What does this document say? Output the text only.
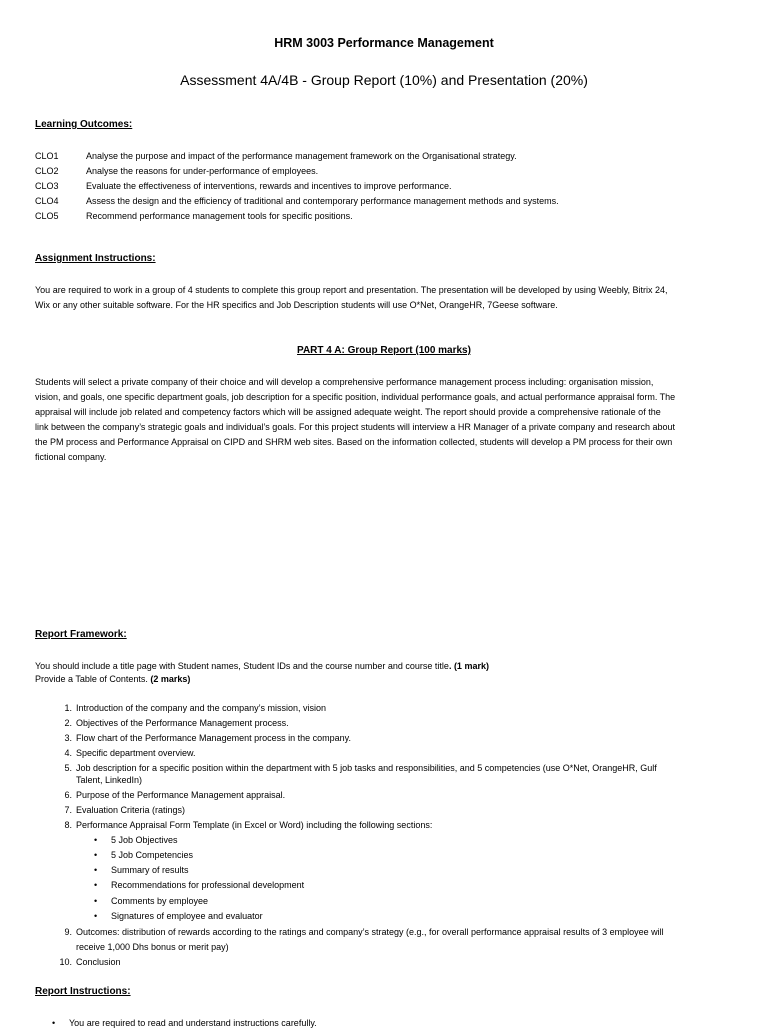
HRM 3003 Performance Management
Assessment 4A/4B - Group Report (10%) and Presentation (20%)
Learning Outcomes:
CLO1	Analyse the purpose and impact of the performance management framework on the Organisational strategy.
CLO2	Analyse the reasons for under-performance of employees.
CLO3	Evaluate the effectiveness of interventions, rewards and incentives to improve performance.
CLO4	Assess the design and the efficiency of traditional and contemporary performance management methods and systems.
CLO5	Recommend performance management tools for specific positions.
Assignment Instructions:
You are required to work in a group of 4 students to complete this group report and presentation. The presentation will be developed by using Weebly, Bitrix 24,
Wix or any other suitable software. For the HR specifics and Job Description students will use O*Net, OrangeHR, 7Geese software.
PART 4 A: Group Report (100 marks)
Students will select a private company of their choice and will develop a comprehensive performance management process including: organisation mission,
vision, and goals, one specific department goals, job description for a specific position, individual performance goals, and actual performance appraisal form. The
appraisal will include job related and competency factors which will be assigned adequate weight. The report should provide a comprehensive rationale of the
link between the company’s strategic goals and individual’s goals. For this project students will interview a HR Manager of a private company and research about
the PM process and Performance Appraisal on CIPD and SHRM web sites. Based on the information collected, students will develop a PM process for their own
fictional company.
Report Framework:
You should include a title page with Student names, Student IDs and the course number and course title. (1 mark)
Provide a Table of Contents. (2 marks)
1. Introduction of the company and the company’s mission, vision
2. Objectives of the Performance Management process.
3. Flow chart of the Performance Management process in the company.
4. Specific department overview.
5. Job description for a specific position within the department with 5 job tasks and responsibilities, and 5 competencies (use O*Net, OrangeHR, Gulf
Talent, LinkedIn)
6. Purpose of the Performance Management appraisal.
7. Evaluation Criteria (ratings)
8. Performance Appraisal Form Template (in Excel or Word) including the following sections:
• 5 Job Objectives
• 5 Job Competencies
• Summary of results
• Recommendations for professional development
• Comments by employee
• Signatures of employee and evaluator
9. Outcomes: distribution of rewards according to the ratings and company’s strategy (e.g., for overall performance appraisal results of 3 employee will
receive 1,000 Dhs bonus or merit pay)
10. Conclusion
Report Instructions:
• You are required to read and understand instructions carefully.
